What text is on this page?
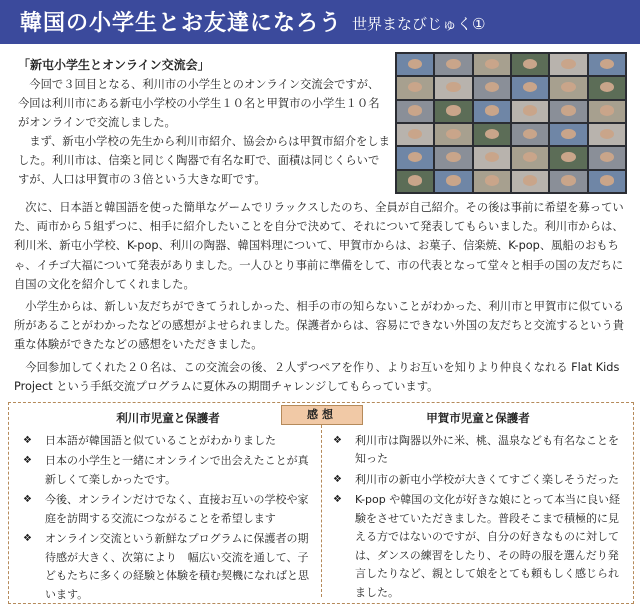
韓国の小学生とお友達になろう 世界まなびじゅく①
「新屯小学生とオンライン交流会」

今回で３回目となる、利川市の小学生とのオンライン交流会ですが、今回は利川市にある新屯小学校の小学生１０名と甲賀市の小学生１０名がオンラインで交流しました。

まず、新屯小学校の先生から利川市紹介、協会からは甲賀市紹介をしました。利川市は、信楽と同じく陶器で有名な町で、面積は同じくらいですが、人口は甲賀市の３倍という大きな町です。

次に、日本語と韓国語を使った簡単なゲームでリラックスしたのち、全員が自己紹介。その後は事前に希望を募っていた、両市から５組ずつに、相手に紹介したいことを自分で決めて、それについて発表してもらいました。利川市からは、利川米、新屯小学校、K-pop、利川の陶器、韓国料理について、甲賀市からは、お菓子、信楽焼、K-pop、風船のおもちゃ、イチゴ大福について発表がありました。一人ひとり事前に準備をして、市の代表となって堂々と相手の国の友だちに自国の文化を紹介してくれました。

小学生からは、新しい友だちができてうれしかった、相手の市の知らないことがわかった、利川市と甲賀市に似ている所があることがわかったなどの感想がよせられました。保護者からは、容易にできない外国の友だちと交流するという貴重な体験ができたなどの感想をいただきました。

今回参加してくれた２０名は、この交流会の後、２人ずつペアを作り、よりお互いを知りより仲良くなれる Flat Kids Project という手紙交流プログラムに夏休みの期間チャレンジしてもらっています。

感想
利川市児童と保護者
❖ 日本語が韓国語と似ていることがわかりました
❖ 日本の小学生と一緒にオンラインで出会えたことが真新しくて楽しかったです。
❖ 今後、オンラインだけでなく、直接お互いの学校や家庭を訪問する交流につながることを希望します
❖ オンライン交流という新鮮なプログラムに保護者の期待感が大きく、次第により　幅広い交流を通して、子どもたちに多くの経験と体験を積む契機になればと思います。
甲賀市児童と保護者
❖ 利川市は陶器以外に米、桃、温泉なども有名なことを知った
❖ 利川市の新屯小学校が大きくてすごく楽しそうだった
❖ K-pop や韓国の文化が好きな娘にとって本当に良い経験をさせていただきました。普段そこまで積極的に見える方ではないのですが、自分の好きなものに対しては、ダンスの練習をしたり、その時の服を選んだり発言したりなど、親として娘をとても頼もしく感じられました。
